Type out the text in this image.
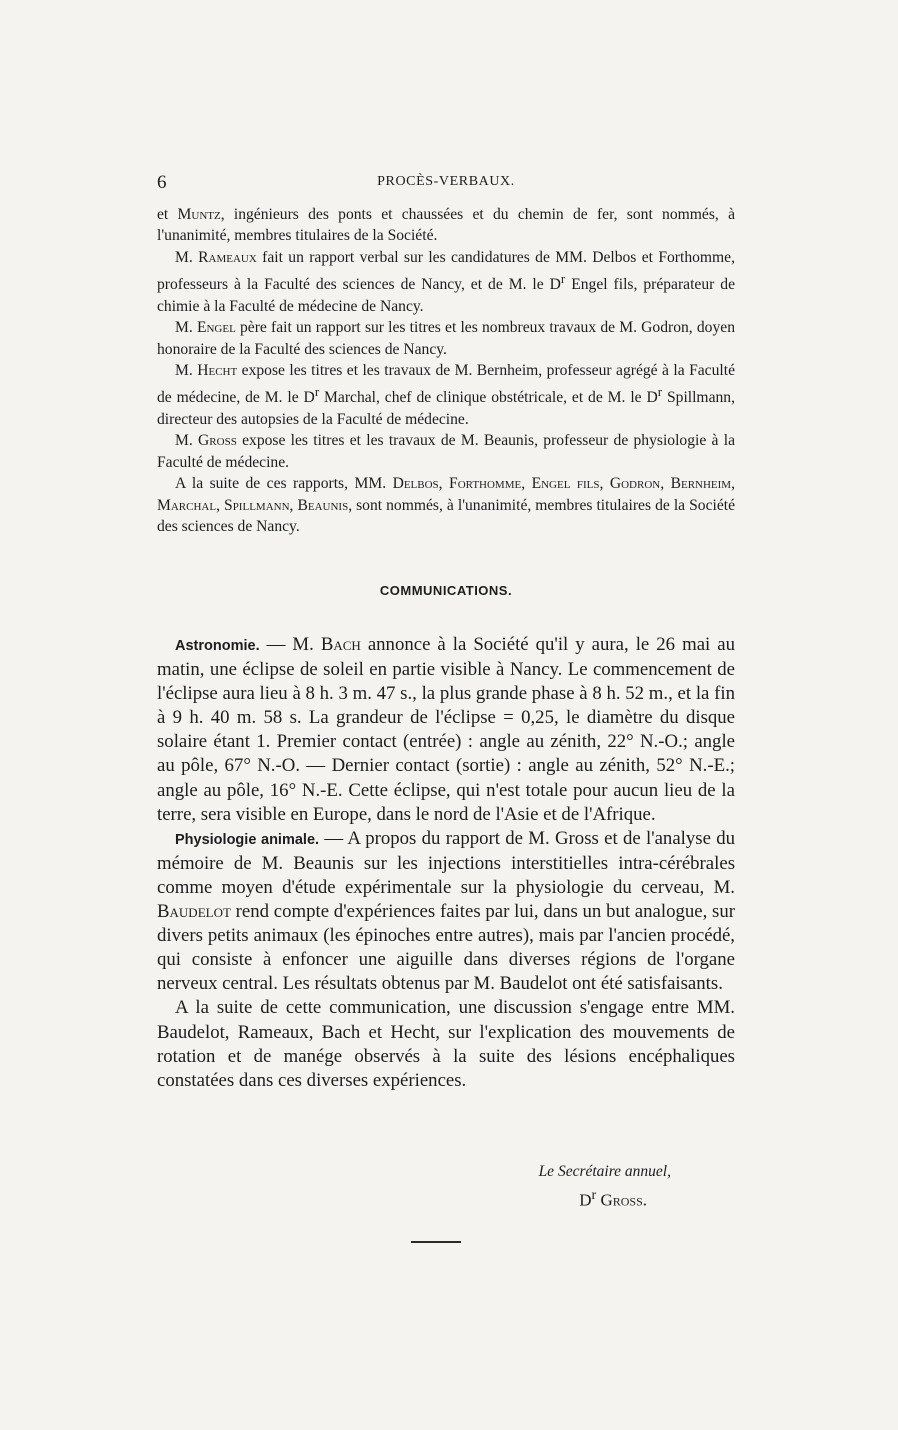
6	PROCÈS-VERBAUX.

et Muntz, ingénieurs des ponts et chaussées et du chemin de fer, sont nommés, à l'unanimité, membres titulaires de la Société.

M. Rameaux fait un rapport verbal sur les candidatures de MM. Delbos et Forthomme, professeurs à la Faculté des sciences de Nancy, et de M. le $D^r$ Engel fils, préparateur de chimie à la Faculté de médecine de Nancy.

M. Engel père fait un rapport sur les titres et les nombreux travaux de M. Godron, doyen honoraire de la Faculté des sciences de Nancy.

M. Hecht expose les titres et les travaux de M. Bernheim, professeur agrégé à la Faculté de médecine, de M. le $D^r$ Marchal, chef de clinique obstétricale, et de M. le $D^r$ Spillmann, directeur des autopsies de la Faculté de médecine.

M. Gross expose les titres et les travaux de M. Beaunis, professeur de physiologie à la Faculté de médecine.

A la suite de ces rapports, MM. Delbos, Forthomme, Engel fils, Godron, Bernheim, Marchal, Spillmann, Beaunis, sont nommés, à l'unanimité, membres titulaires de la Société des sciences de Nancy.

COMMUNICATIONS.

Astronomie. — M. Bach annonce à la Société qu'il y aura, le 26 mai au matin, une éclipse de soleil en partie visible à Nancy. Le commencement de l'éclipse aura lieu à 8 h. 3 m. 47 s., la plus grande phase à 8 h. 52 m., et la fin à 9 h. 40 m. 58 s. La grandeur de l'éclipse = 0,25, le diamètre du disque solaire étant 1. Premier contact (entrée) : angle au zénith, 22° N.-O.; angle au pôle, 67° N.-O. — Dernier contact (sortie) : angle au zénith, 52° N.-E.; angle au pôle, 16° N.-E. Cette éclipse, qui n'est totale pour aucun lieu de la terre, sera visible en Europe, dans le nord de l'Asie et de l'Afrique.

Physiologie animale. — A propos du rapport de M. Gross et de l'analyse du mémoire de M. Beaunis sur les injections interstitielles intra-cérébrales comme moyen d'étude expérimentale sur la physiologie du cerveau, M. Baudelot rend compte d'expériences faites par lui, dans un but analogue, sur divers petits animaux (les épinoches entre autres), mais par l'ancien procédé, qui consiste à enfoncer une aiguille dans diverses régions de l'organe nerveux central. Les résultats obtenus par M. Baudelot ont été satisfaisants.

A la suite de cette communication, une discussion s'engage entre MM. Baudelot, Rameaux, Bach et Hecht, sur l'explication des mouvements de rotation et de manége observés à la suite des lésions encéphaliques constatées dans ces diverses expériences.

Le Secrétaire annuel,
$D^r$ Gross.
